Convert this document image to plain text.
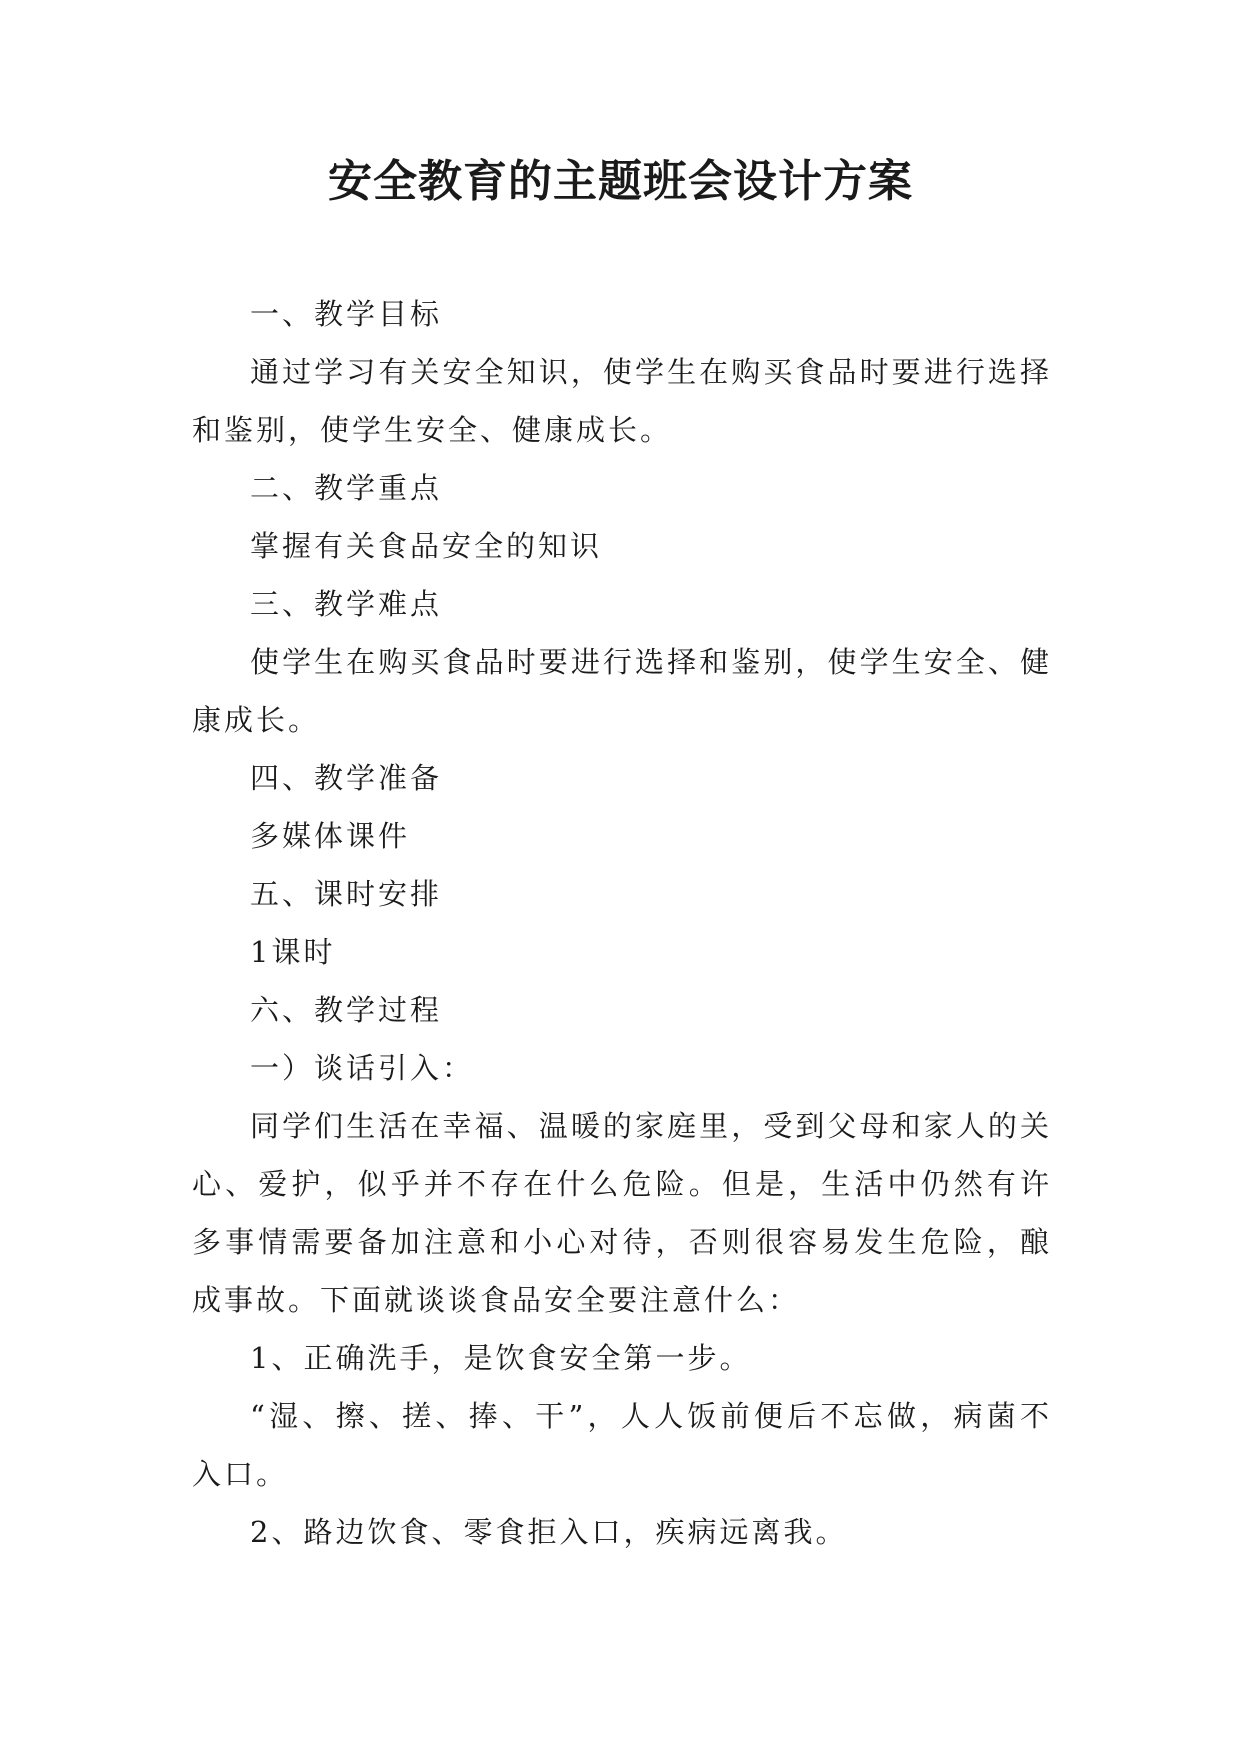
安全教育的主题班会设计方案

一、教学目标

通过学习有关安全知识，使学生在购买食品时要进行选择和鉴别，使学生安全、健康成长。

二、教学重点

掌握有关食品安全的知识

三、教学难点

使学生在购买食品时要进行选择和鉴别，使学生安全、健康成长。

四、教学准备

多媒体课件

五、课时安排

1课时

六、教学过程

一）谈话引入：

同学们生活在幸福、温暖的家庭里，受到父母和家人的关心、爱护，似乎并不存在什么危险。但是，生活中仍然有许多事情需要备加注意和小心对待，否则很容易发生危险，酿成事故。下面就谈谈食品安全要注意什么：

1、正确洗手，是饮食安全第一步。

“湿、擦、搓、捧、干”，人人饭前便后不忘做，病菌不入口。

2、路边饮食、零食拒入口，疾病远离我。
